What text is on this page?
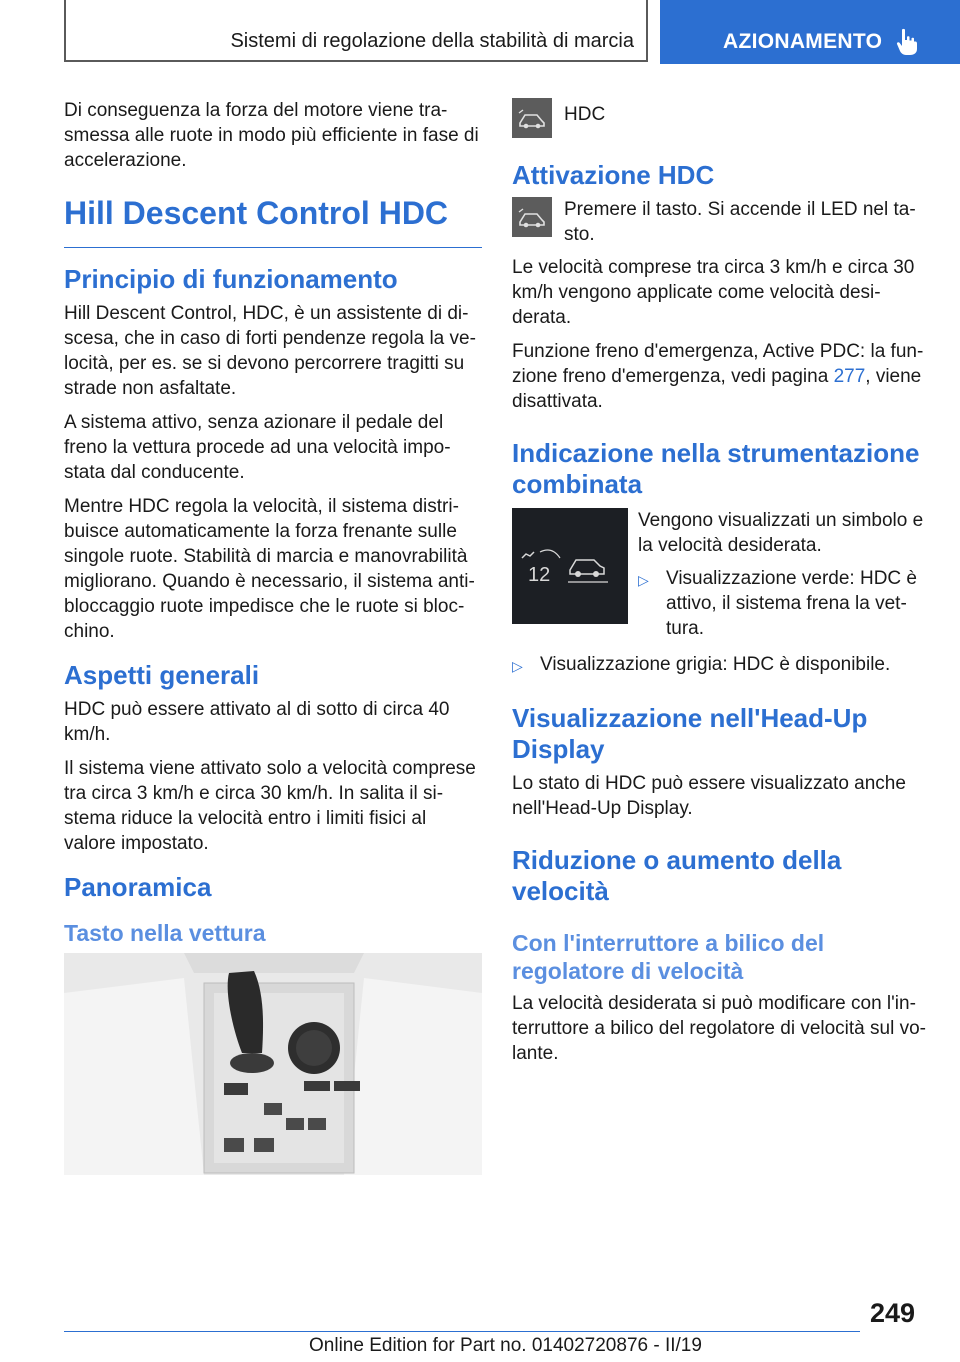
Sistemi di regolazione della stabilità di marcia	AZIONAMENTO

Di conseguenza la forza del motore viene trasmessa alle ruote in modo più efficiente in fase di accelerazione.

Hill Descent Control HDC
Principio di funzionamento

Hill Descent Control, HDC, è un assistente di discesa, che in caso di forti pendenze regola la velocità, per es. se si devono percorrere tragitti su strade non asfaltate.

A sistema attivo, senza azionare il pedale del freno la vettura procede ad una velocità impostata dal conducente.

Mentre HDC regola la velocità, il sistema distribuisce automaticamente la forza frenante sulle singole ruote. Stabilità di marcia e manovrabilità migliorano. Quando è necessario, il sistema antibloccaggio ruote impedisce che le ruote si blocchino.

Aspetti generali

HDC può essere attivato al di sotto di circa 40 km/h.

Il sistema viene attivato solo a velocità comprese tra circa 3 km/h e circa 30 km/h. In salita il sistema riduce la velocità entro i limiti fisici al valore impostato.

Panoramica
Tasto nella vettura

HDC

Attivazione HDC

Premere il tasto. Si accende il LED nel tasto.

Le velocità comprese tra circa 3 km/h e circa 30 km/h vengono applicate come velocità desiderata.

Funzione freno d'emergenza, Active PDC: la funzione freno d'emergenza, vedi pagina 277, viene disattivata.

Indicazione nella strumentazione combinata
12

Vengono visualizzati un simbolo e la velocità desiderata.

▷ Visualizzazione verde: HDC è attivo, il sistema frena la vettura.
▷ Visualizzazione grigia: HDC è disponibile.
Visualizzazione nell'Head-Up Display

Lo stato di HDC può essere visualizzato anche nell'Head-Up Display.

Riduzione o aumento della velocità
Con l'interruttore a bilico del regolatore di velocità

La velocità desiderata si può modificare con l'interruttore a bilico del regolatore di velocità sul volante.

249
Online Edition for Part no. 01402720876 - II/19
